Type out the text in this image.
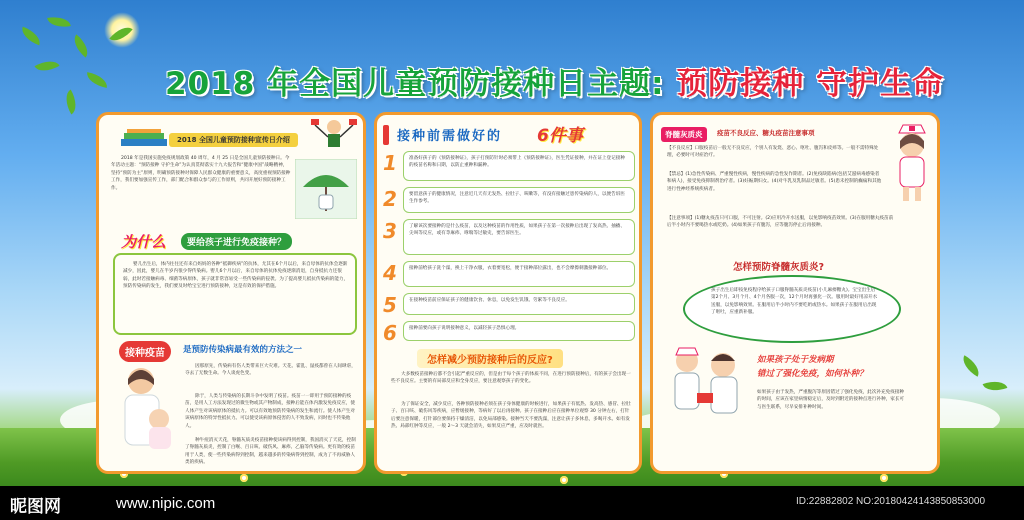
2018 年全国儿童预防接种日主题: 预防接种 守护生命
2018 全国儿童预防接种宣传日介绍
2018 年是我国实施免疫规划政策 40 周年，4 月 25 日是全国儿童预防接种日。今年活动主题：“预防接种 守护生命”为认真贯彻落实十九大报告和“健康中国”战略精神，坚持“预防为主”原则，明确预防接种对保障人民群众健康的重要意义，高度重视预防接种工作，我们要加强宣传工作，部门配合和群众参与的工作原则，共同开展好预防接种工作。
为什么	要给孩子进行免疫接种？
婴儿出生后，体内往往还有来自妈妈的各种“抵御疾病”的抗体，尤其在6个月以后，来自母体的抗体会逐渐减少，因此，婴儿在半岁内很少得传染病。婴儿6个月以后，来自母体的抗体免疫逐渐消退，自身抵抗力还很弱，此时若接触病毒、细菌等病原体，孩子就非常容易受一些传染病的侵袭。为了提高婴儿抵抗传染病的能力，预防传染病的发生，我们要及时给宝宝进行预防接种，这是有效的保护措施。
接种疫苗	是预防传染病最有效的方法之一
因那原先，传染病有伤人类带来巨大灾难。天花、霍乱、鼠疫都曾在人间肆虐，夺去了无数生命。今人谈虎色变。
除于，人类与传染病的长期斗争中发明了疫苗。疫苗一一即用于预防接种的疫苗，是用人工方法发现过的微生物或其产物制成，接种后能在体内激发免疫反应，使人体产生对该病原体的抵抗力。可以有效地预防传染病的发生和流行。使人体产生对该病原体的特异性抵抗力。可以使受该病原体侵害的人不致发病，同时也不传染他人。
种牛痘消灭天花，脊髓灰质炎疫苗接种使该病得到控制，我国消灭了天花，控制了脊髓灰质炎，控制了白喉、百日咳、破伤风、麻疹、乙脑等传染病。更有效的疫苗用于人类，使一些传染病得到控制，越来越多的传染病得到控制，成为了不再威胁人类的疾病。
接种前需做好的 6件事
1	准备好孩子的《预防接种证》，孩子打预防针时必须带上《预防接种证》，医生凭证接种，并在证上登记接种的疫苗名称和日期，以防止重种和漏种。
2	要留意孩子的健康情况，注意近几天有无发热、拉肚子、咳嗽等，有没有接触过患传染病的人，以便告诉医生作参考。
3	了解该次要接种的是什么疫苗，以及这种疫苗的作用性质，如果孩子在第一次接种后出现了发高热、抽搐、尖叫等反应，或有荨麻疹、哮喘等过敏史，要告诉医生。
4	接种前给孩子洗个澡，换上干净衣服，衣着要宽松，便于接种部位露出，也不会摩擦刺激接种部位。
5	在接种疫苗前应保证孩子的健康饮食、休息，以免发生饥饿、劳累等不良反应。
6	接种前要向孩子说明接种意义，以减轻孩子恐惧心理。
怎样减少预防接种后的反应?
大多数疫苗接种后都不会引起严重反应的，但是由于每个孩子的体质不同，在进行预防接种后，有的孩子会出现一些不良反应。主要的有局部反应和全身反应，要注意观察孩子的变化。
为了保证安全，减少反应，各种预防接种必须在孩子身体健康的时候进行，如果孩子有低热、发高热、感冒、拉肚子、百日咳、破伤风等疾病，应暂缓接种，等病好了以后再接种。孩子在接种后应在接种单位观察 30 分钟左右，打针后要注意保暖，打针部位要保持干燥清洁，以免局部感染。接种当天不要洗澡，注意让孩子多休息，多喝开水。如有发热、局部红肿等反应，一般 2～3 天就会消失，如果反应严重，应及时就医。
脊髓灰质炎	疫苗不良反应、糖丸疫苗注意事项
【不良反应】口服疫苗后一般无不良反应，个别人有发烧、恶心、呕吐、腹泻和皮疹等。一般不需特殊处理，必要时可对症治疗。
【禁忌】(1)急性传染病、严重慢性疾病，慢性疾病的急性发作期者。(2)免疫缺陷病(包括艾滋病毒感染者和病人)，接受免疫抑制剂治疗者。(3)妊娠期妇女。(4)对牛乳及乳制品过敏者。(5)患未控制的癫痫和其他进行性神经系统疾病者。
【注意事项】(1)糖丸疫苗只可口服，不可注射。(2)应用冷开水送服，以免影响疫苗效果。(3)在服用糖丸疫苗前后半小时内不要喝热水或吃奶。(4)如果孩子有腹泻，应等腹泻停止后再接种。
怎样预防脊髓灰质炎?
孩子出生后即按免疫程序给孩子口服脊髓灰质炎疫苗(小儿麻痹糖丸)。宝宝出生后第2个月、3月个月、4个月各服一次，12个月时再强化一次。服用时最好用凉开水送服，以免影响效果。在服用后半小时内不要吃奶或热水。如果孩子在服用后出现了呕吐，应重新补服。
如果孩子处于发病期
错过了强化免疫，如何补种？
如果孩子由于发热，严重腹泻等原因错过了强化免疫，此次补充免疫接种的时间，应该在家里病情稳定后，及时到附近的接种点进行补种，家长可与医生联系，尽早安排补种时间。
昵图网	www.nipic.com	ID:22882802 NO:20180424143850853000
